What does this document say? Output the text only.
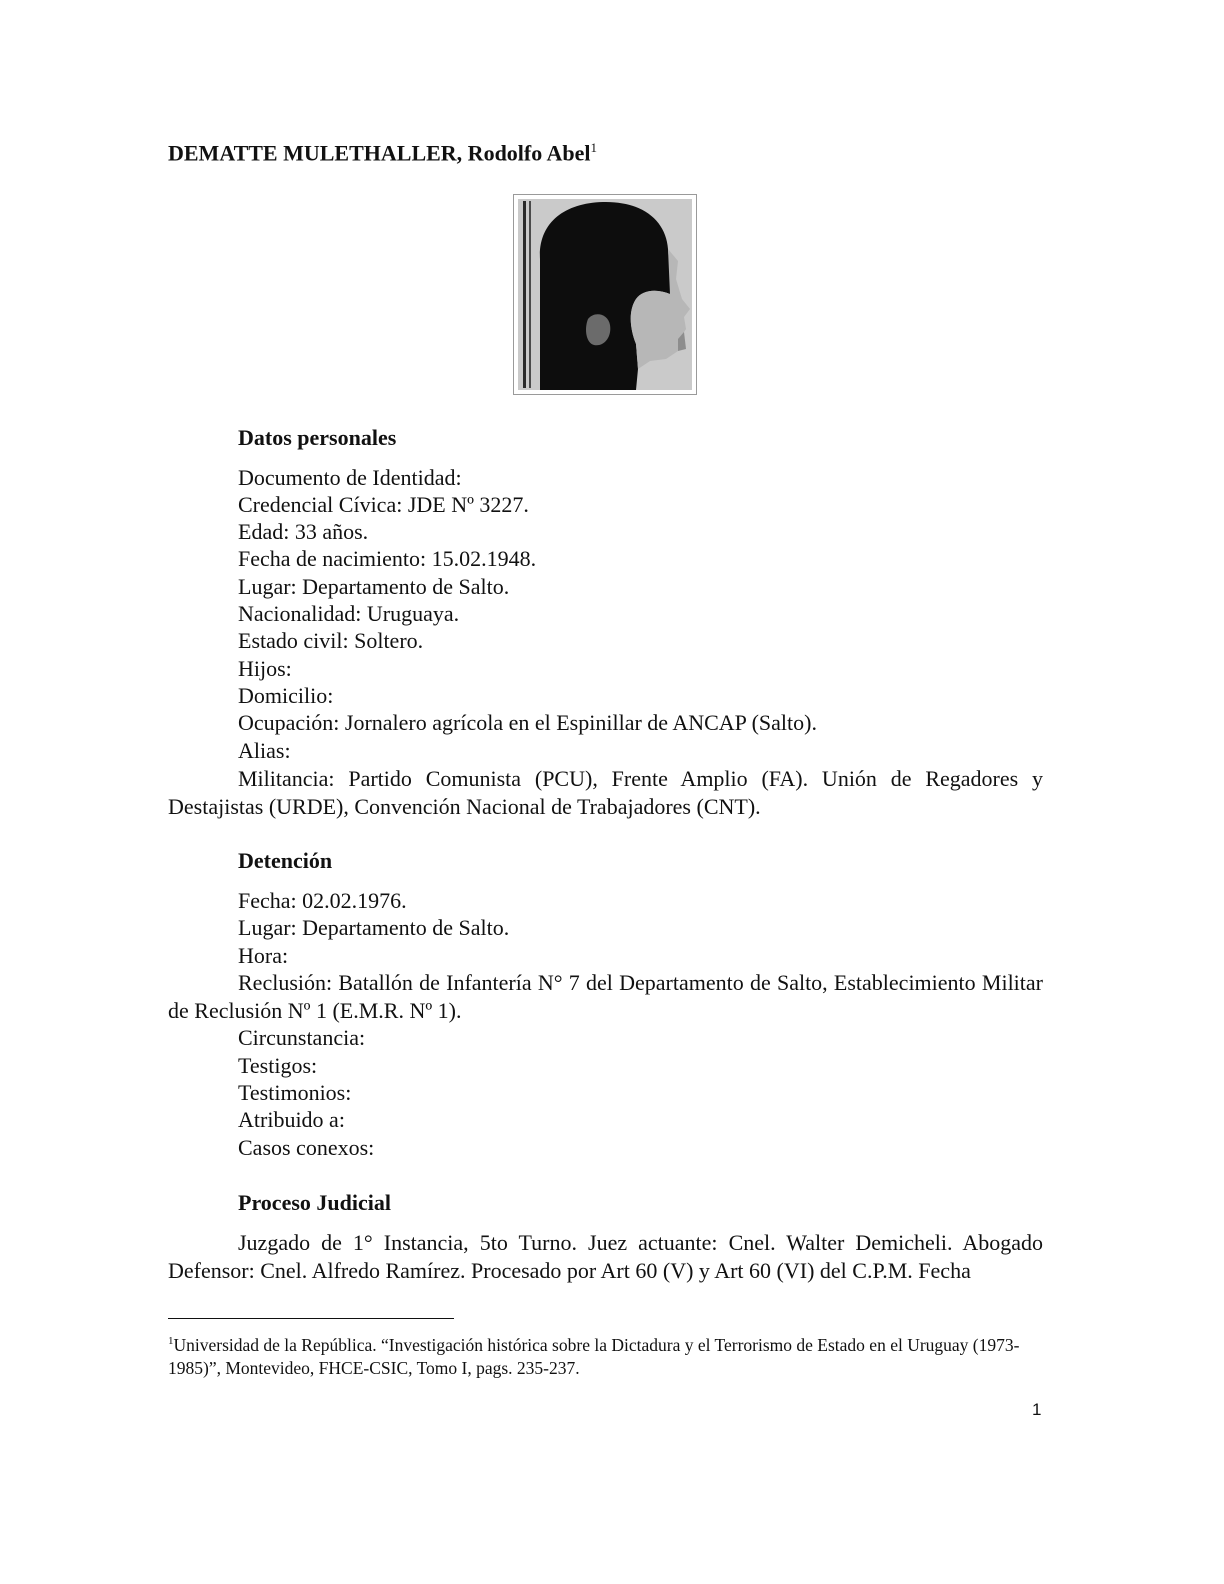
DEMATTE MULETHALLER, Rodolfo Abel$^1$
Datos personales
Documento de Identidad:
Credencial Cívica: JDE Nº 3227.
Edad: 33 años.
Fecha de nacimiento: 15.02.1948.
Lugar: Departamento de Salto.
Nacionalidad: Uruguaya.
Estado civil: Soltero.
Hijos:
Domicilio:
Ocupación: Jornalero agrícola en el Espinillar de ANCAP (Salto).
Alias:
Militancia: Partido Comunista (PCU), Frente Amplio (FA). Unión de Regadores y Destajistas (URDE), Convención Nacional de Trabajadores (CNT).
Detención
Fecha: 02.02.1976.
Lugar: Departamento de Salto.
Hora:
Reclusión: Batallón de Infantería N° 7 del Departamento de Salto, Establecimiento Militar de Reclusión Nº 1 (E.M.R. Nº 1).
Circunstancia:
Testigos:
Testimonios:
Atribuido a:
Casos conexos:
Proceso Judicial
Juzgado de 1° Instancia, 5to Turno. Juez actuante: Cnel. Walter Demicheli. Abogado Defensor: Cnel. Alfredo Ramírez. Procesado por Art 60 (V) y Art 60 (VI) del C.P.M. Fecha
$^1$Universidad de la República. “Investigación histórica sobre la Dictadura y el Terrorismo de Estado en el Uruguay (1973-1985)”, Montevideo, FHCE-CSIC, Tomo I, pags. 235-237.
1
